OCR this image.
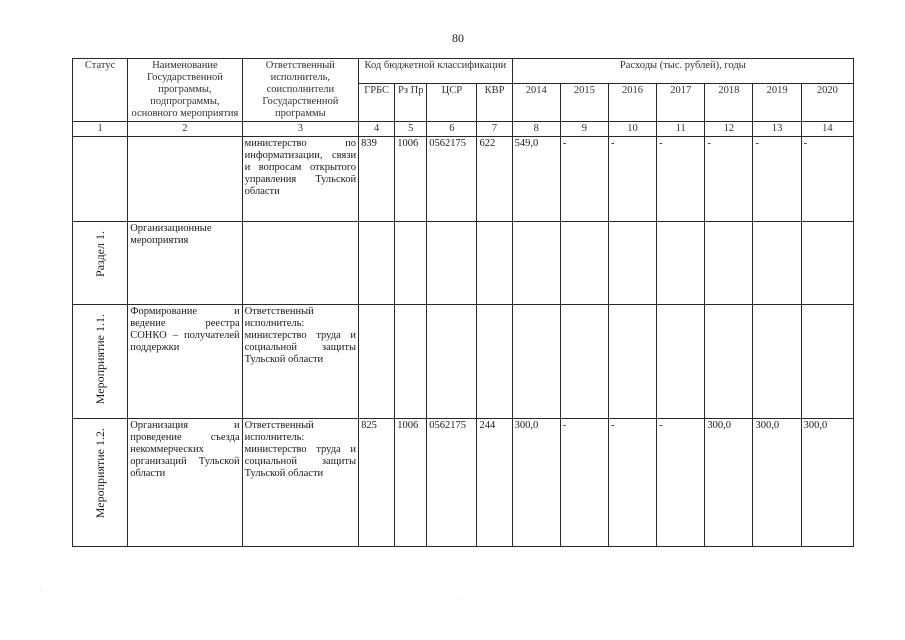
80
Статус	Наименование Государственной программы, подпрограммы, основного мероприятия	Ответственный исполнитель, соисполнители Государственной программы	Код бюджетной классификации				Расходы (тыс. рублей), годы						
			ГРБС	Рз Пр	ЦСР	КВР	2014	2015	2016	2017	2018	2019	2020
1	2	3	4	5	6	7	8	9	10	11	12	13	14

		министерство по информатизации, связи и вопросам открытого управления Тульской области	839	1006	0562175	622	549,0	-	-	-	-	-	-

Раздел 1.	Организационные мероприятия												

Мероприятие 1.1.	Формирование и ведение реестра СОНКО – получателей поддержки	Ответственный исполнитель: министерство труда и социальной защиты Тульской области											

Мероприятие 1.2.	Организация и проведение съезда некоммерческих организаций Тульской области	Ответственный исполнитель: министерство труда и социальной защиты Тульской области	825	1006	0562175	244	300,0	-	-	-	300,0	300,0	300,0
·
·
·
